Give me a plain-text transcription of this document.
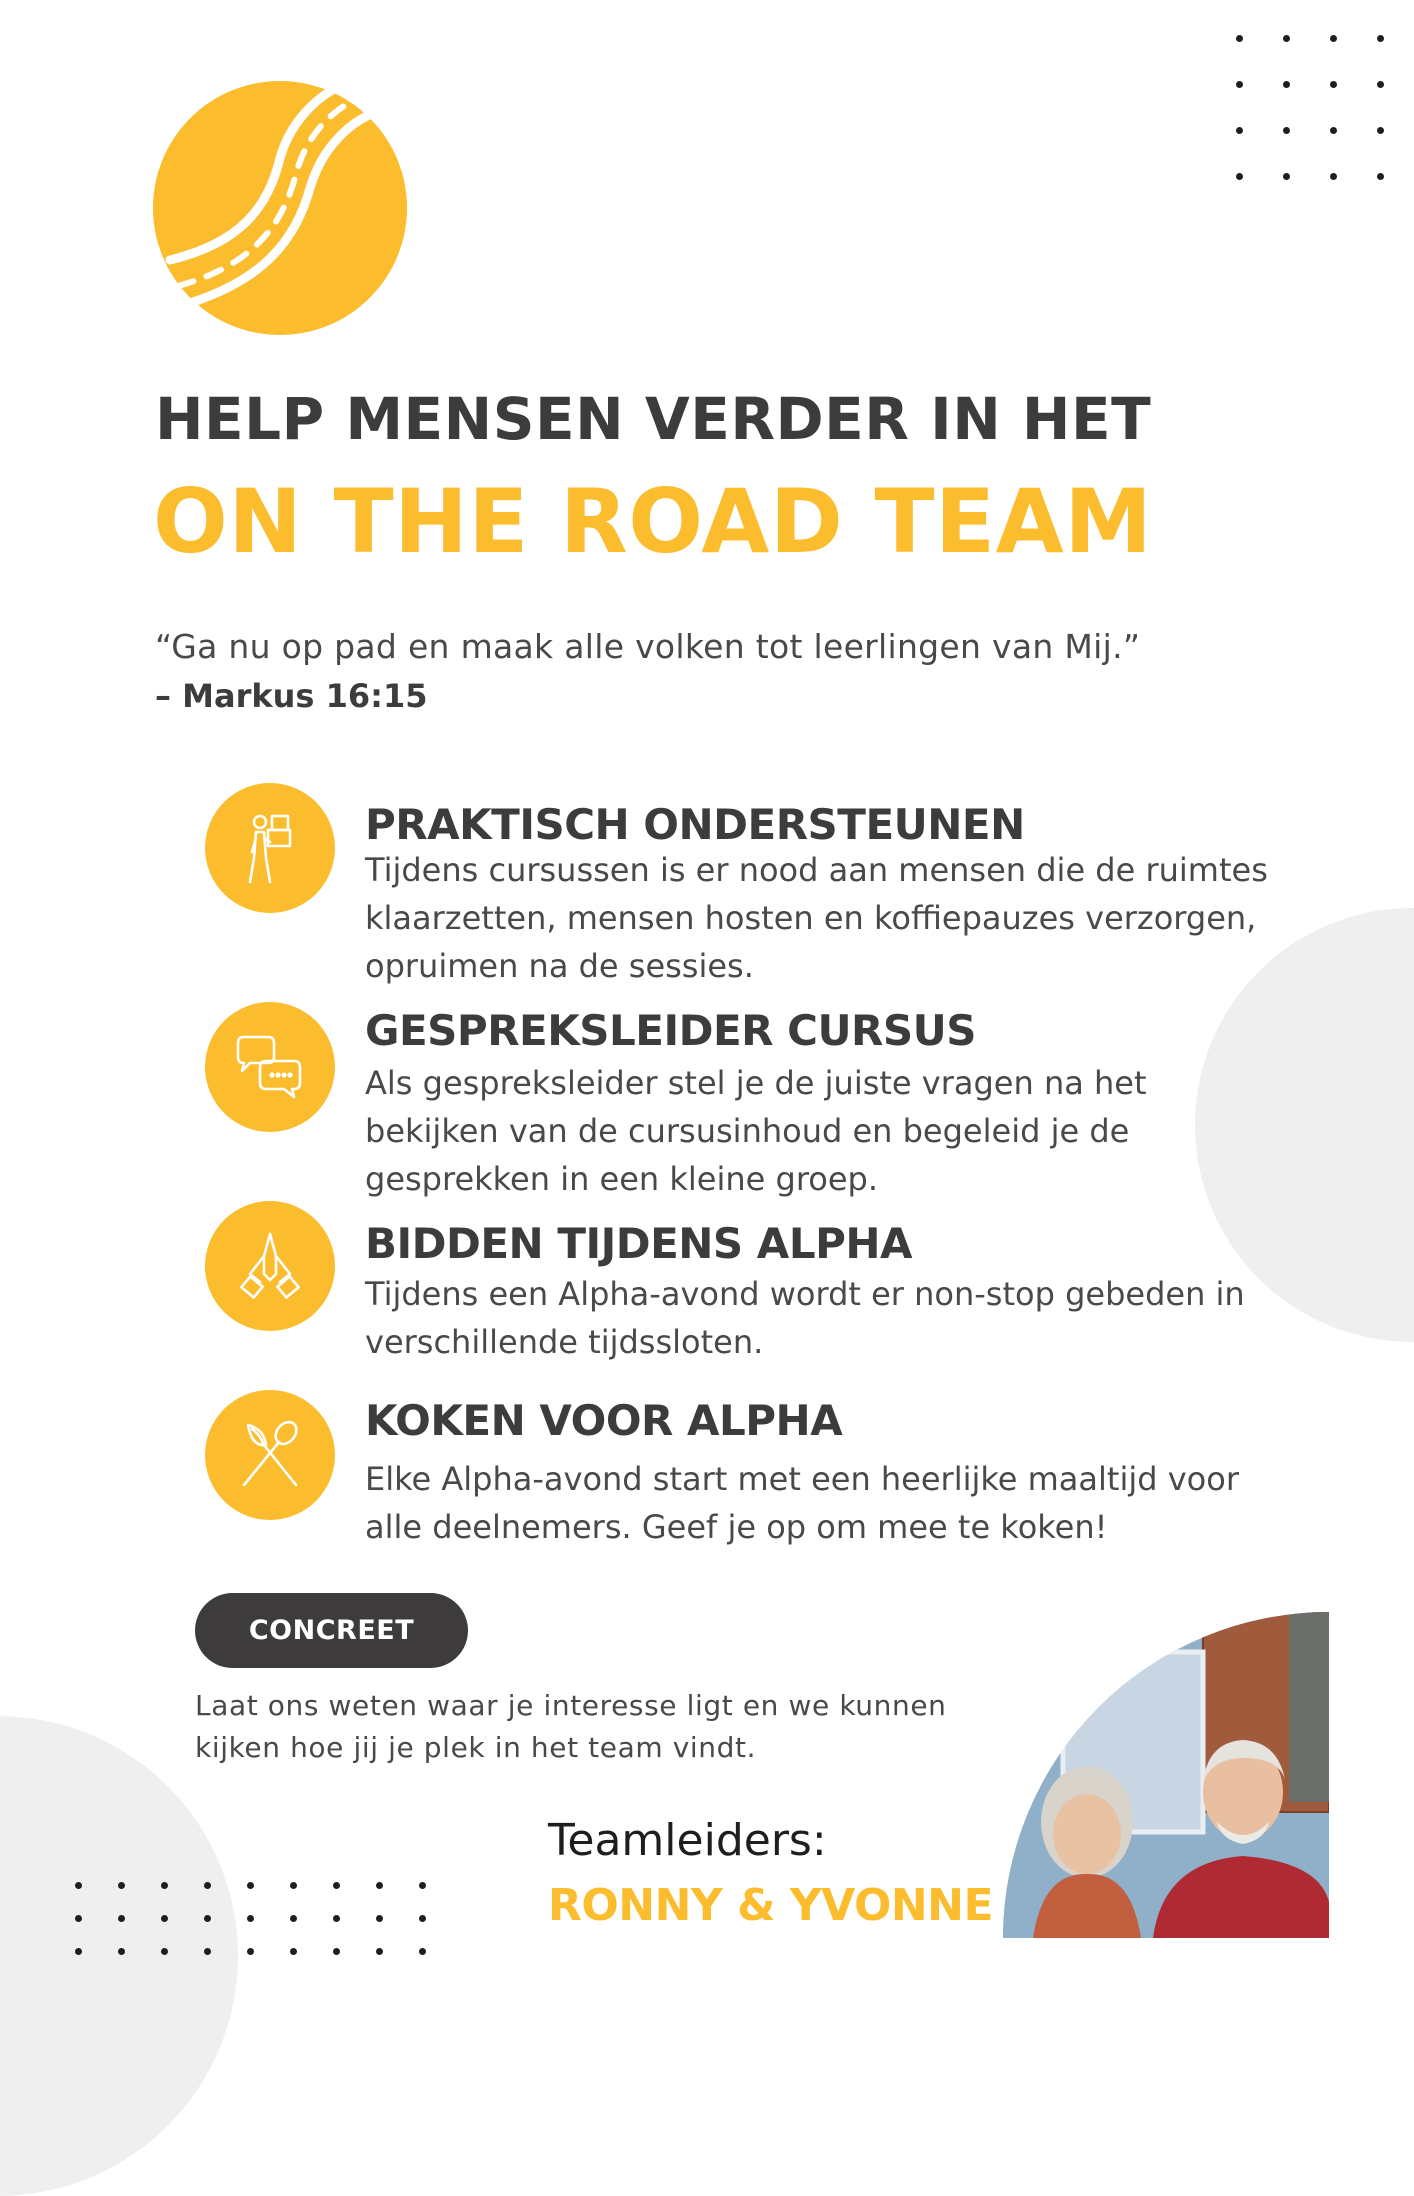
HELP MENSEN VERDER IN HET
ON THE ROAD TEAM
“Ga nu op pad en maak alle volken tot leerlingen van Mij.”
– Markus 16:15
PRAKTISCH ONDERSTEUNEN
Tijdens cursussen is er nood aan mensen die de ruimtes klaarzetten, mensen hosten en koffiepauzes verzorgen, opruimen na de sessies.
GESPREKSLEIDER CURSUS
Als gespreksleider stel je de juiste vragen na het bekijken van de cursusinhoud en begeleid je de gesprekken in een kleine groep.
BIDDEN TIJDENS ALPHA
Tijdens een Alpha-avond wordt er non-stop gebeden in verschillende tijdssloten.
KOKEN VOOR ALPHA
Elke Alpha-avond start met een heerlijke maaltijd voor alle deelnemers. Geef je op om mee te koken!
CONCREET
Laat ons weten waar je interesse ligt en we kunnen kijken hoe jij je plek in het team vindt.
Teamleiders:
RONNY & YVONNE
